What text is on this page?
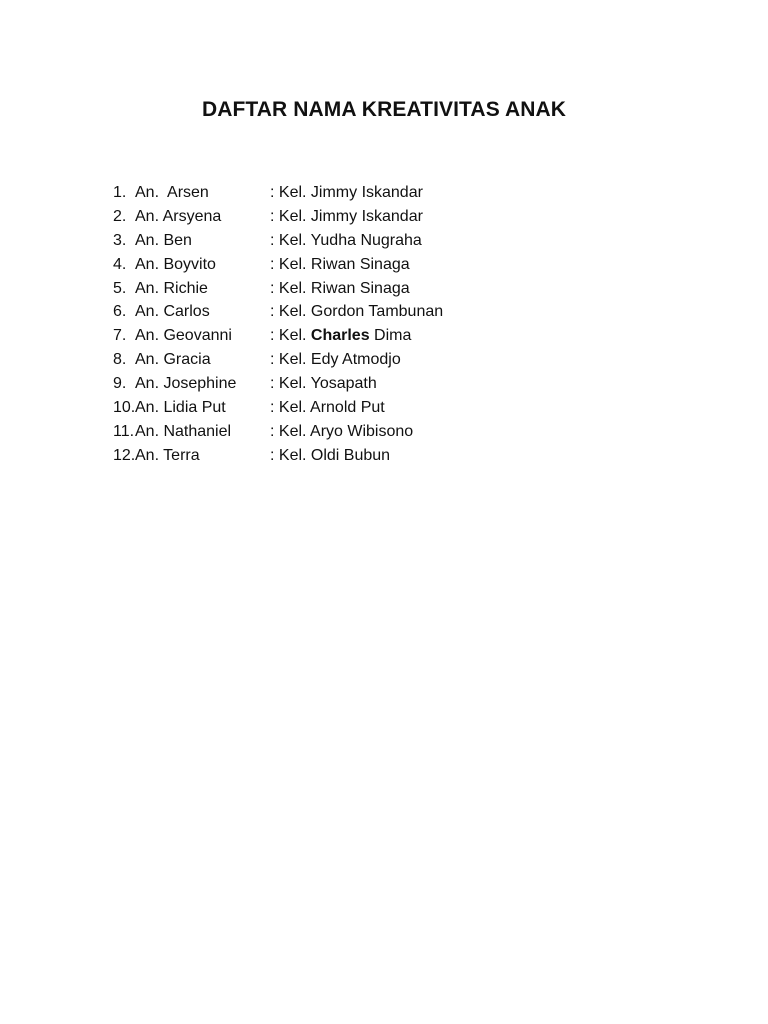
DAFTAR NAMA KREATIVITAS ANAK
1. An.  Arsen	: Kel. Jimmy Iskandar
2. An. Arsyena	: Kel. Jimmy Iskandar
3. An. Ben	: Kel. Yudha Nugraha
4. An. Boyvito	: Kel. Riwan Sinaga
5. An. Richie	: Kel. Riwan Sinaga
6. An. Carlos	: Kel. Gordon Tambunan
7. An. Geovanni	: Kel. Charles Dima
8. An. Gracia	: Kel. Edy Atmodjo
9. An. Josephine	: Kel. Yosapath
10. An. Lidia Put	: Kel. Arnold Put
11. An. Nathaniel	: Kel. Aryo Wibisono
12. An. Terra	: Kel. Oldi Bubun
